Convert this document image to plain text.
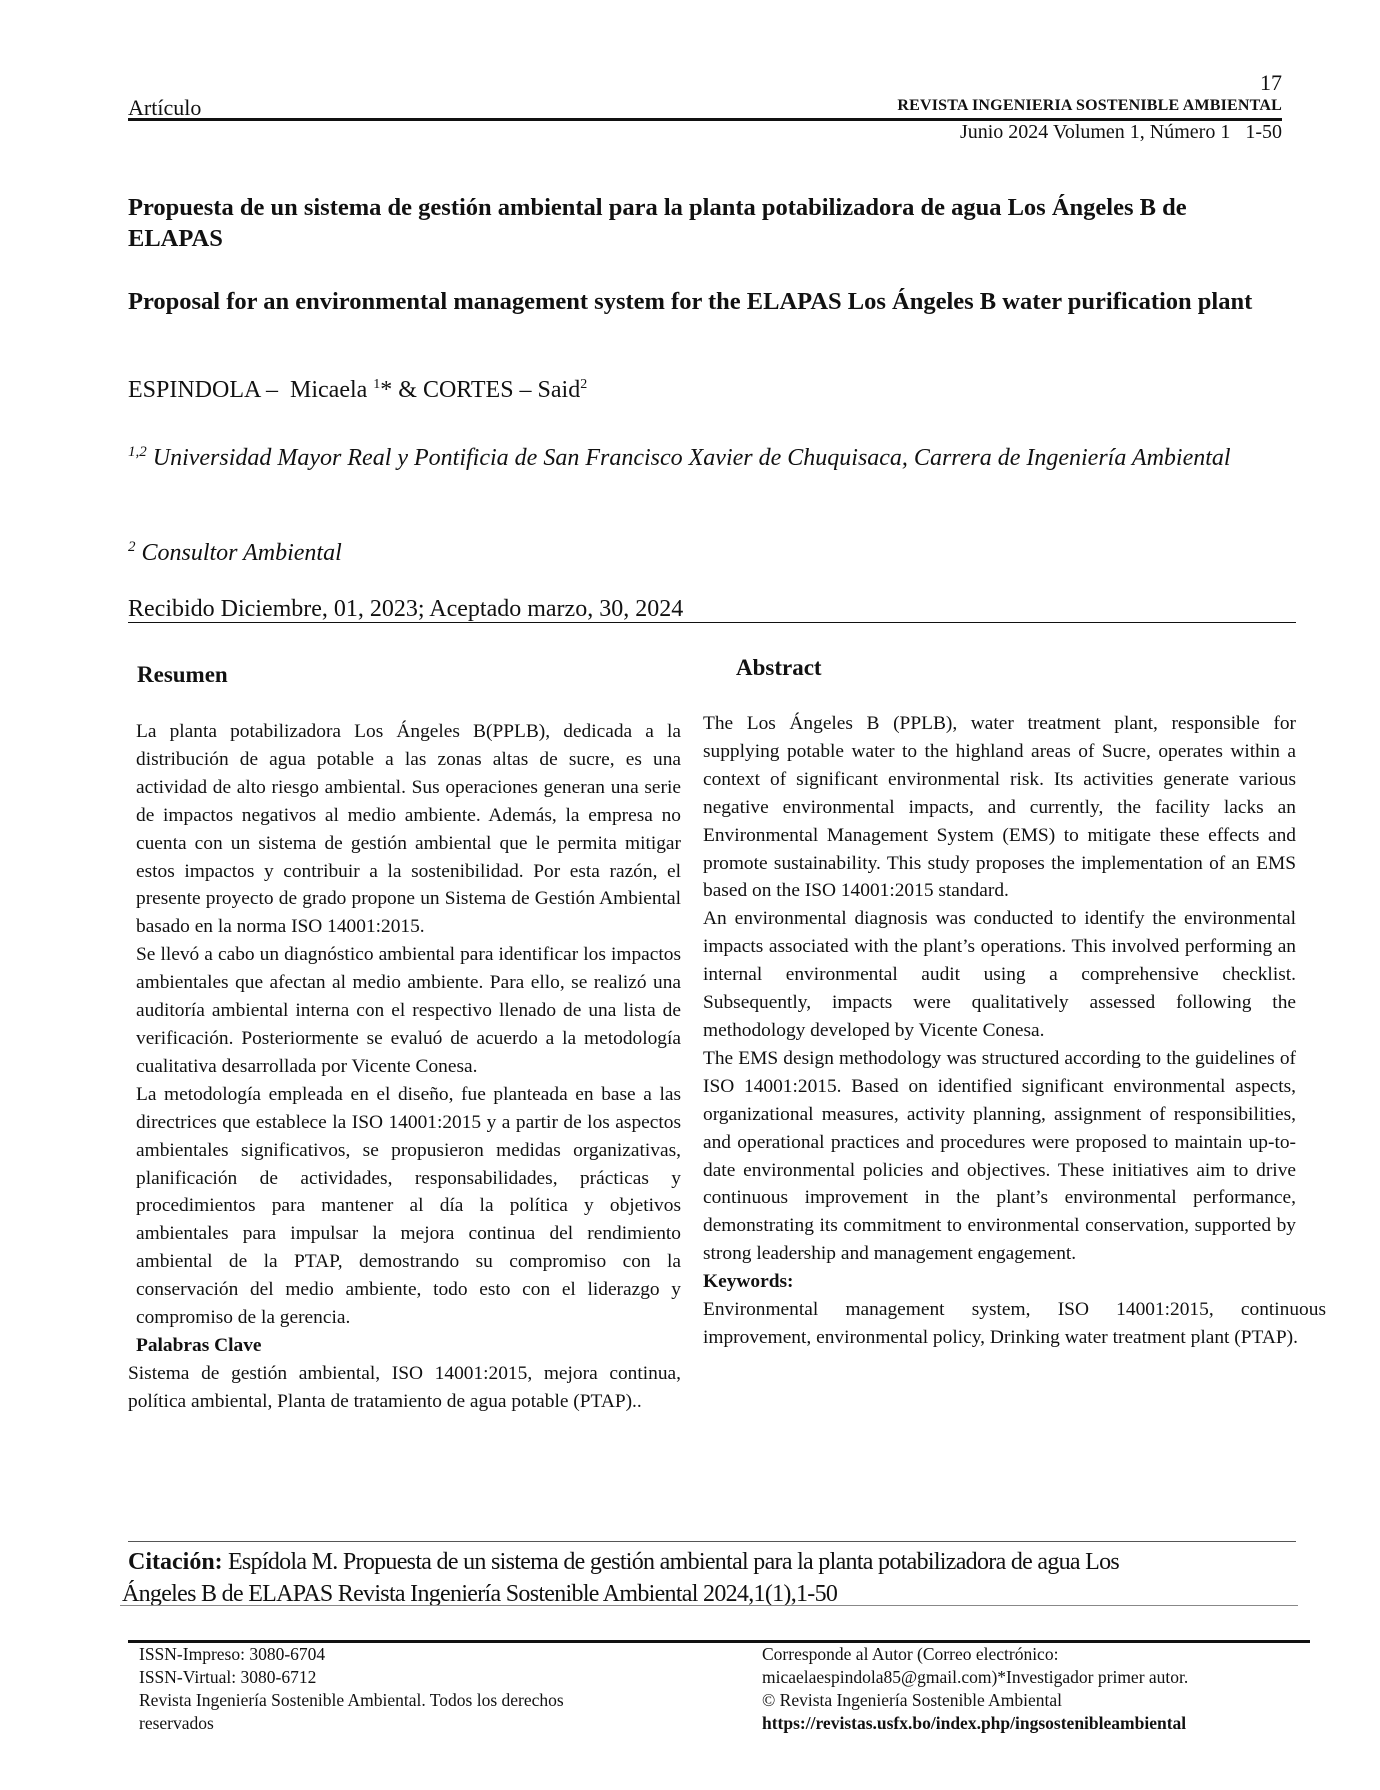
17
Artículo	REVISTA INGENIERIA SOSTENIBLE AMBIENTAL
Junio 2024 Volumen 1, Número 1   1-50
Propuesta de un sistema de gestión ambiental para la planta potabilizadora de agua Los Ángeles B de ELAPAS
Proposal for an environmental management system for the ELAPAS Los Ángeles B water purification plant
ESPINDOLA –  Micaela $^1$* & CORTES – Said$^2$
$^{1,2}$ Universidad Mayor Real y Pontificia de San Francisco Xavier de Chuquisaca, Carrera de Ingeniería Ambiental
$^2$ Consultor Ambiental
Recibido Diciembre, 01, 2023; Aceptado marzo, 30, 2024
Resumen	Abstract

La planta potabilizadora Los Ángeles B(PPLB), dedicada a la distribución de agua potable a las zonas altas de sucre, es una actividad de alto riesgo ambiental. Sus operaciones generan una serie de impactos negativos al medio ambiente. Además, la empresa no cuenta con un sistema de gestión ambiental que le permita mitigar estos impactos y contribuir a la sostenibilidad. Por esta razón, el presente proyecto de grado propone un Sistema de Gestión Ambiental basado en la norma ISO 14001:2015.

Se llevó a cabo un diagnóstico ambiental para identificar los impactos ambientales que afectan al medio ambiente. Para ello, se realizó una auditoría ambiental interna con el respectivo llenado de una lista de verificación. Posteriormente se evaluó de acuerdo a la metodología cualitativa desarrollada por Vicente Conesa.

La metodología empleada en el diseño, fue planteada en base a las directrices que establece la ISO 14001:2015 y a partir de los aspectos ambientales significativos, se propusieron medidas organizativas, planificación de actividades, responsabilidades, prácticas y procedimientos para mantener al día la política y objetivos ambientales para impulsar la mejora continua del rendimiento ambiental de la PTAP, demostrando su compromiso con la conservación del medio ambiente, todo esto con el liderazgo y compromiso de la gerencia.

Palabras Clave

Sistema de gestión ambiental, ISO 14001:2015, mejora continua, política ambiental, Planta de tratamiento de agua potable (PTAP)..

The Los Ángeles B (PPLB), water treatment plant, responsible for supplying potable water to the highland areas of Sucre, operates within a context of significant environmental risk. Its activities generate various negative environmental impacts, and currently, the facility lacks an Environmental Management System (EMS) to mitigate these effects and promote sustainability. This study proposes the implementation of an EMS based on the ISO 14001:2015 standard.

An environmental diagnosis was conducted to identify the environmental impacts associated with the plant’s operations. This involved performing an internal environmental audit using a comprehensive checklist. Subsequently, impacts were qualitatively assessed following the methodology developed by Vicente Conesa.

The EMS design methodology was structured according to the guidelines of ISO 14001:2015. Based on identified significant environmental aspects, organizational measures, activity planning, assignment of responsibilities, and operational practices and procedures were proposed to maintain up-to-date environmental policies and objectives. These initiatives aim to drive continuous improvement in the plant’s environmental performance, demonstrating its commitment to environmental conservation, supported by strong leadership and management engagement.

Keywords:

Environmental management system, ISO 14001:2015, continuous improvement, environmental policy, Drinking water treatment plant (PTAP).

Citación: Espídola M. Propuesta de un sistema de gestión ambiental para la planta potabilizadora de agua Los
Ángeles B de ELAPAS Revista Ingeniería Sostenible Ambiental 2024,1(1),1-50
ISSN-Impreso: 3080-6704
ISSN-Virtual: 3080-6712
Revista Ingeniería Sostenible Ambiental. Todos los derechos reservados
Corresponde al Autor (Correo electrónico:
micaelaespindola85@gmail.com)*Investigador primer autor.
© Revista Ingeniería Sostenible Ambiental
https://revistas.usfx.bo/index.php/ingsostenibleambiental
